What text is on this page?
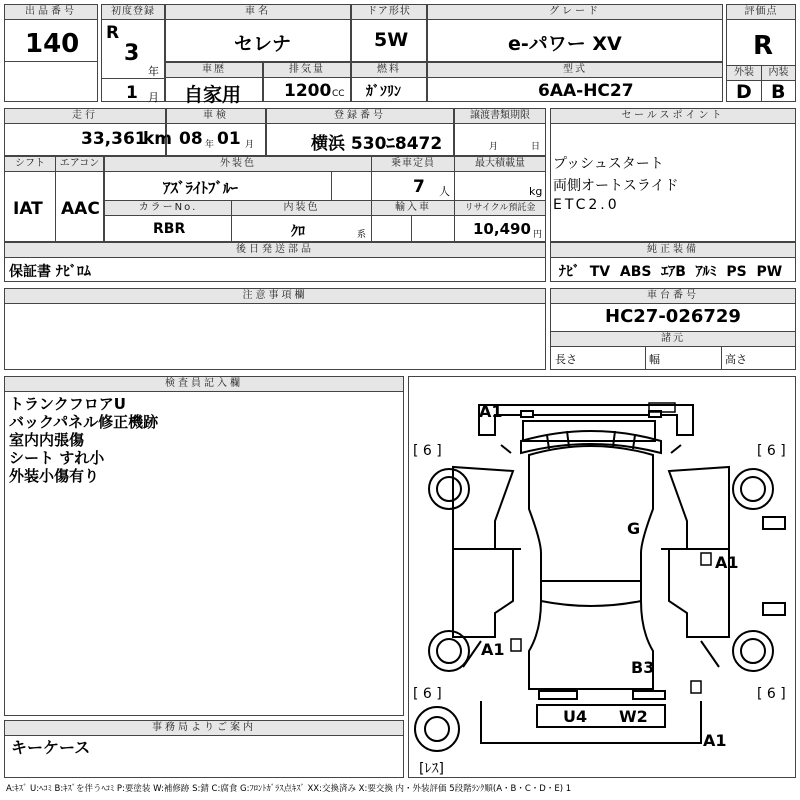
出品番号
140
初度登録
R
3
年
1 月
車名
セレナ
ドア形状
5W
グレード
e-パワー XV
評価点
R
外装	内装
D B
車歴
自家用
排気量
1200 CC
燃料
ｶﾞｿﾘﾝ
型式
6AA-HC27
走行
33,361
km
車検
08 年 01 月
登録番号
横浜 530ﾆ8472
譲渡書類期限
月	日
セールスポイント
プッシュスタート
両側オートスライド
ETC2.0
シフト	エアコン
IAT AAC
外装色	乗車定員	最大積載量
ｱｽﾞﾗｲﾄﾌﾞﾙｰ	7 人	kg
カラーNo.	内装色	輸入車	リサイクル預託金
RBR	ｸﾛ	系	10,490 円
後日発送部品
保証書 ﾅﾋﾞﾛﾑ
純正装備
ﾅﾋﾞ  TV  ABS  ｴｱB  ｱﾙﾐ  PS  PW
注意事項欄	車台番号
HC27-026729
諸元
長さ	幅	高さ
検査員記入欄
トランクフロアU
バックパネル修正機跡
室内内張傷
シート すれ小
外装小傷有り
事務局よりご案内
キーケース
A1
G
A1
A1
B3
U4 W2
A1
[ 6 ]	[ 6 ]
[ 6 ]	[ 6 ]
[ﾚｽ]
A:ｷｽﾞ U:ﾍｺﾐ B:ｷｽﾞを伴うﾍｺﾐ P:要塗装 W:補修跡 S:錆 C:腐食 G:ﾌﾛﾝﾄｶﾞﾗｽ点ｷｽﾞ XX:交換済み X:要交換 内・外装評価 5段階ﾗﾝｸ順(A・B・C・D・E) 1
